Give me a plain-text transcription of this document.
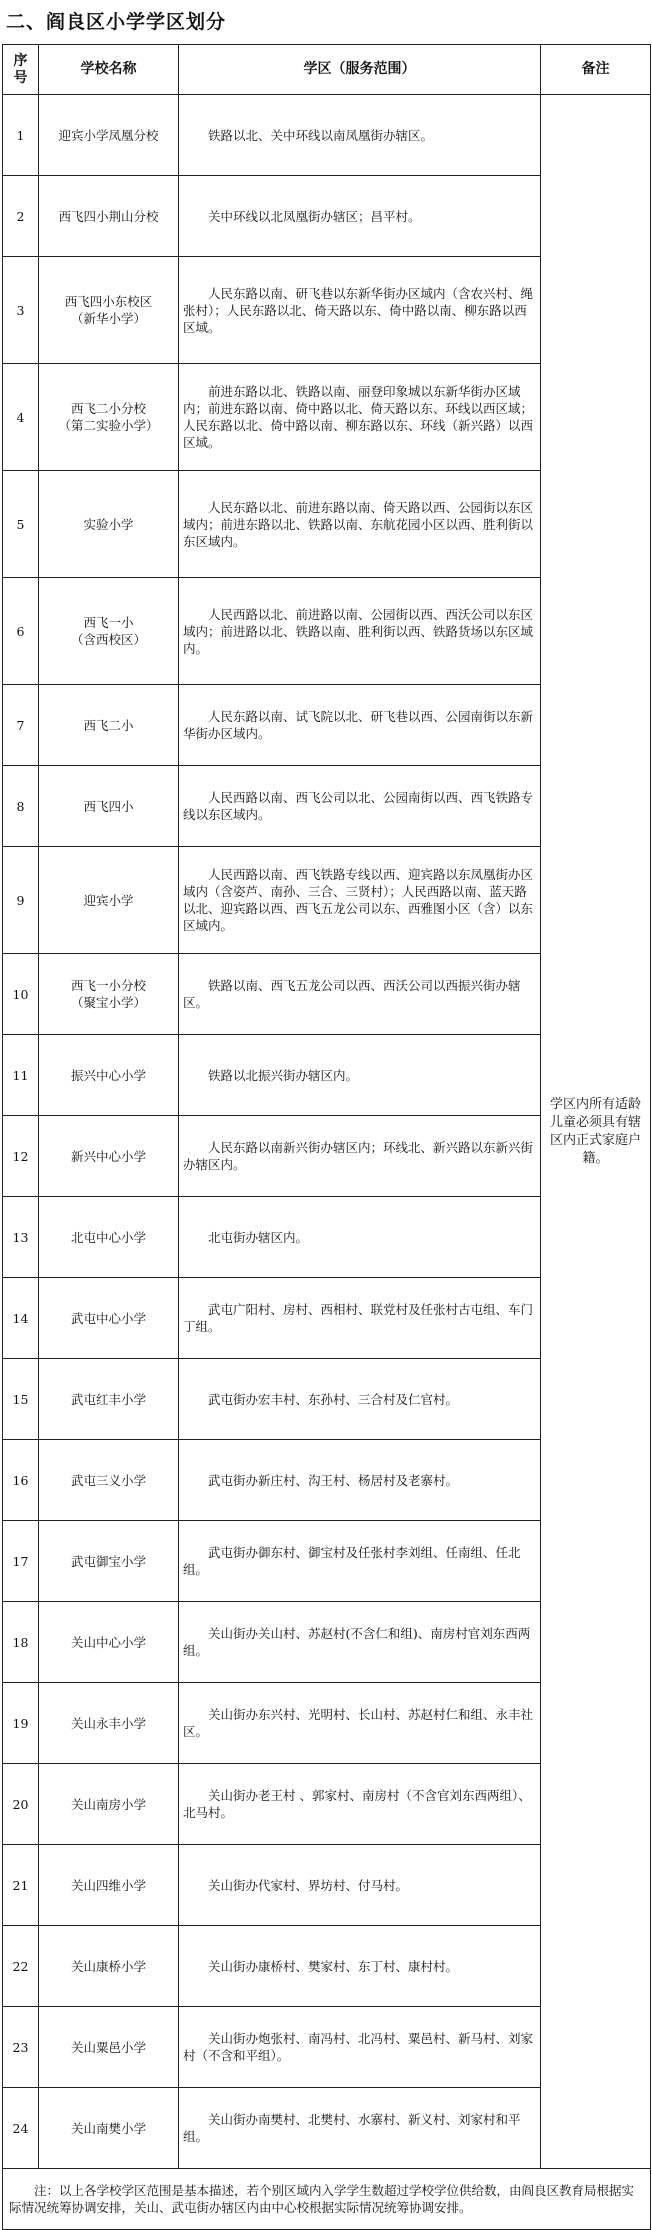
二、阎良区小学学区划分
序号	学校名称	学区（服务范围）	备注
1	迎宾小学凤凰分校	铁路以北、关中环线以南凤凰街办辖区。	学区内所有适龄儿童必须具有辖区内正式家庭户籍。
2	西飞四小荆山分校	关中环线以北凤凰街办辖区；昌平村。	
3	西飞四小东校区
（新华小学）	人民东路以南、研飞巷以东新华街办区域内（含农兴村、绳张村）；人民东路以北、倚天路以东、倚中路以南、柳东路以西区域。	
4	西飞二小分校
（第二实验小学）	前进东路以北、铁路以南、丽登印象城以东新华街办区域内；前进东路以南、倚中路以北、倚天路以东、环线以西区域；人民东路以北、倚中路以南、柳东路以东、环线（新兴路）以西区域。	
5	实验小学	人民东路以北、前进东路以南、倚天路以西、公园街以东区域内；前进东路以北、铁路以南、东航花园小区以西、胜利街以东区域内。	
6	西飞一小
（含西校区）	人民西路以北、前进路以南、公园街以西、西沃公司以东区域内；前进路以北、铁路以南、胜利街以西、铁路货场以东区域内。	
7	西飞二小	人民东路以南、试飞院以北、研飞巷以西、公园南街以东新华街办区域内。	
8	西飞四小	人民西路以南、西飞公司以北、公园南街以西、西飞铁路专线以东区域内。	
9	迎宾小学	人民西路以南、西飞铁路专线以西、迎宾路以东凤凰街办区域内（含姿芦、南孙、三合、三贤村）；人民西路以南、蓝天路以北、迎宾路以西、西飞五龙公司以东、西雅图小区（含）以东区域内。	
10	西飞一小分校
（聚宝小学）	铁路以南、西飞五龙公司以西、西沃公司以西振兴街办辖区。	
11	振兴中心小学	铁路以北振兴街办辖区内。	
12	新兴中心小学	人民东路以南新兴街办辖区内；环线北、新兴路以东新兴街办辖区内。	
13	北屯中心小学	北屯街办辖区内。	
14	武屯中心小学	武屯广阳村、房村、西相村、联党村及任张村古屯组、车门丁组。	
15	武屯红丰小学	武屯街办宏丰村、东孙村、三合村及仁官村。	
16	武屯三义小学	武屯街办新庄村、沟王村、杨居村及老寨村。	
17	武屯御宝小学	武屯街办御东村、御宝村及任张村李刘组、任南组、任北组。	
18	关山中心小学	关山街办关山村、苏赵村(不含仁和组)、南房村官刘东西两组。	
19	关山永丰小学	关山街办东兴村、光明村、长山村、苏赵村仁和组、永丰社区。	
20	关山南房小学	关山街办老王村 、郭家村、南房村（不含官刘东西两组）、北马村。	
21	关山四维小学	关山街办代家村、界坊村、付马村。	
22	关山康桥小学	关山街办康桥村、樊家村、东丁村、康村村。	
23	关山粟邑小学	关山街办炮张村、南冯村、北冯村、粟邑村、新马村、刘家村（不含和平组）。	
24	关山南樊小学	关山街办南樊村、北樊村、水寨村、新义村、刘家村和平组。	
注：以上各学校学区范围是基本描述，若个别区域内入学学生数超过学校学位供给数，由阎良区教育局根据实际情况统筹协调安排，关山、武屯街办辖区内由中心校根据实际情况统筹协调安排。			
